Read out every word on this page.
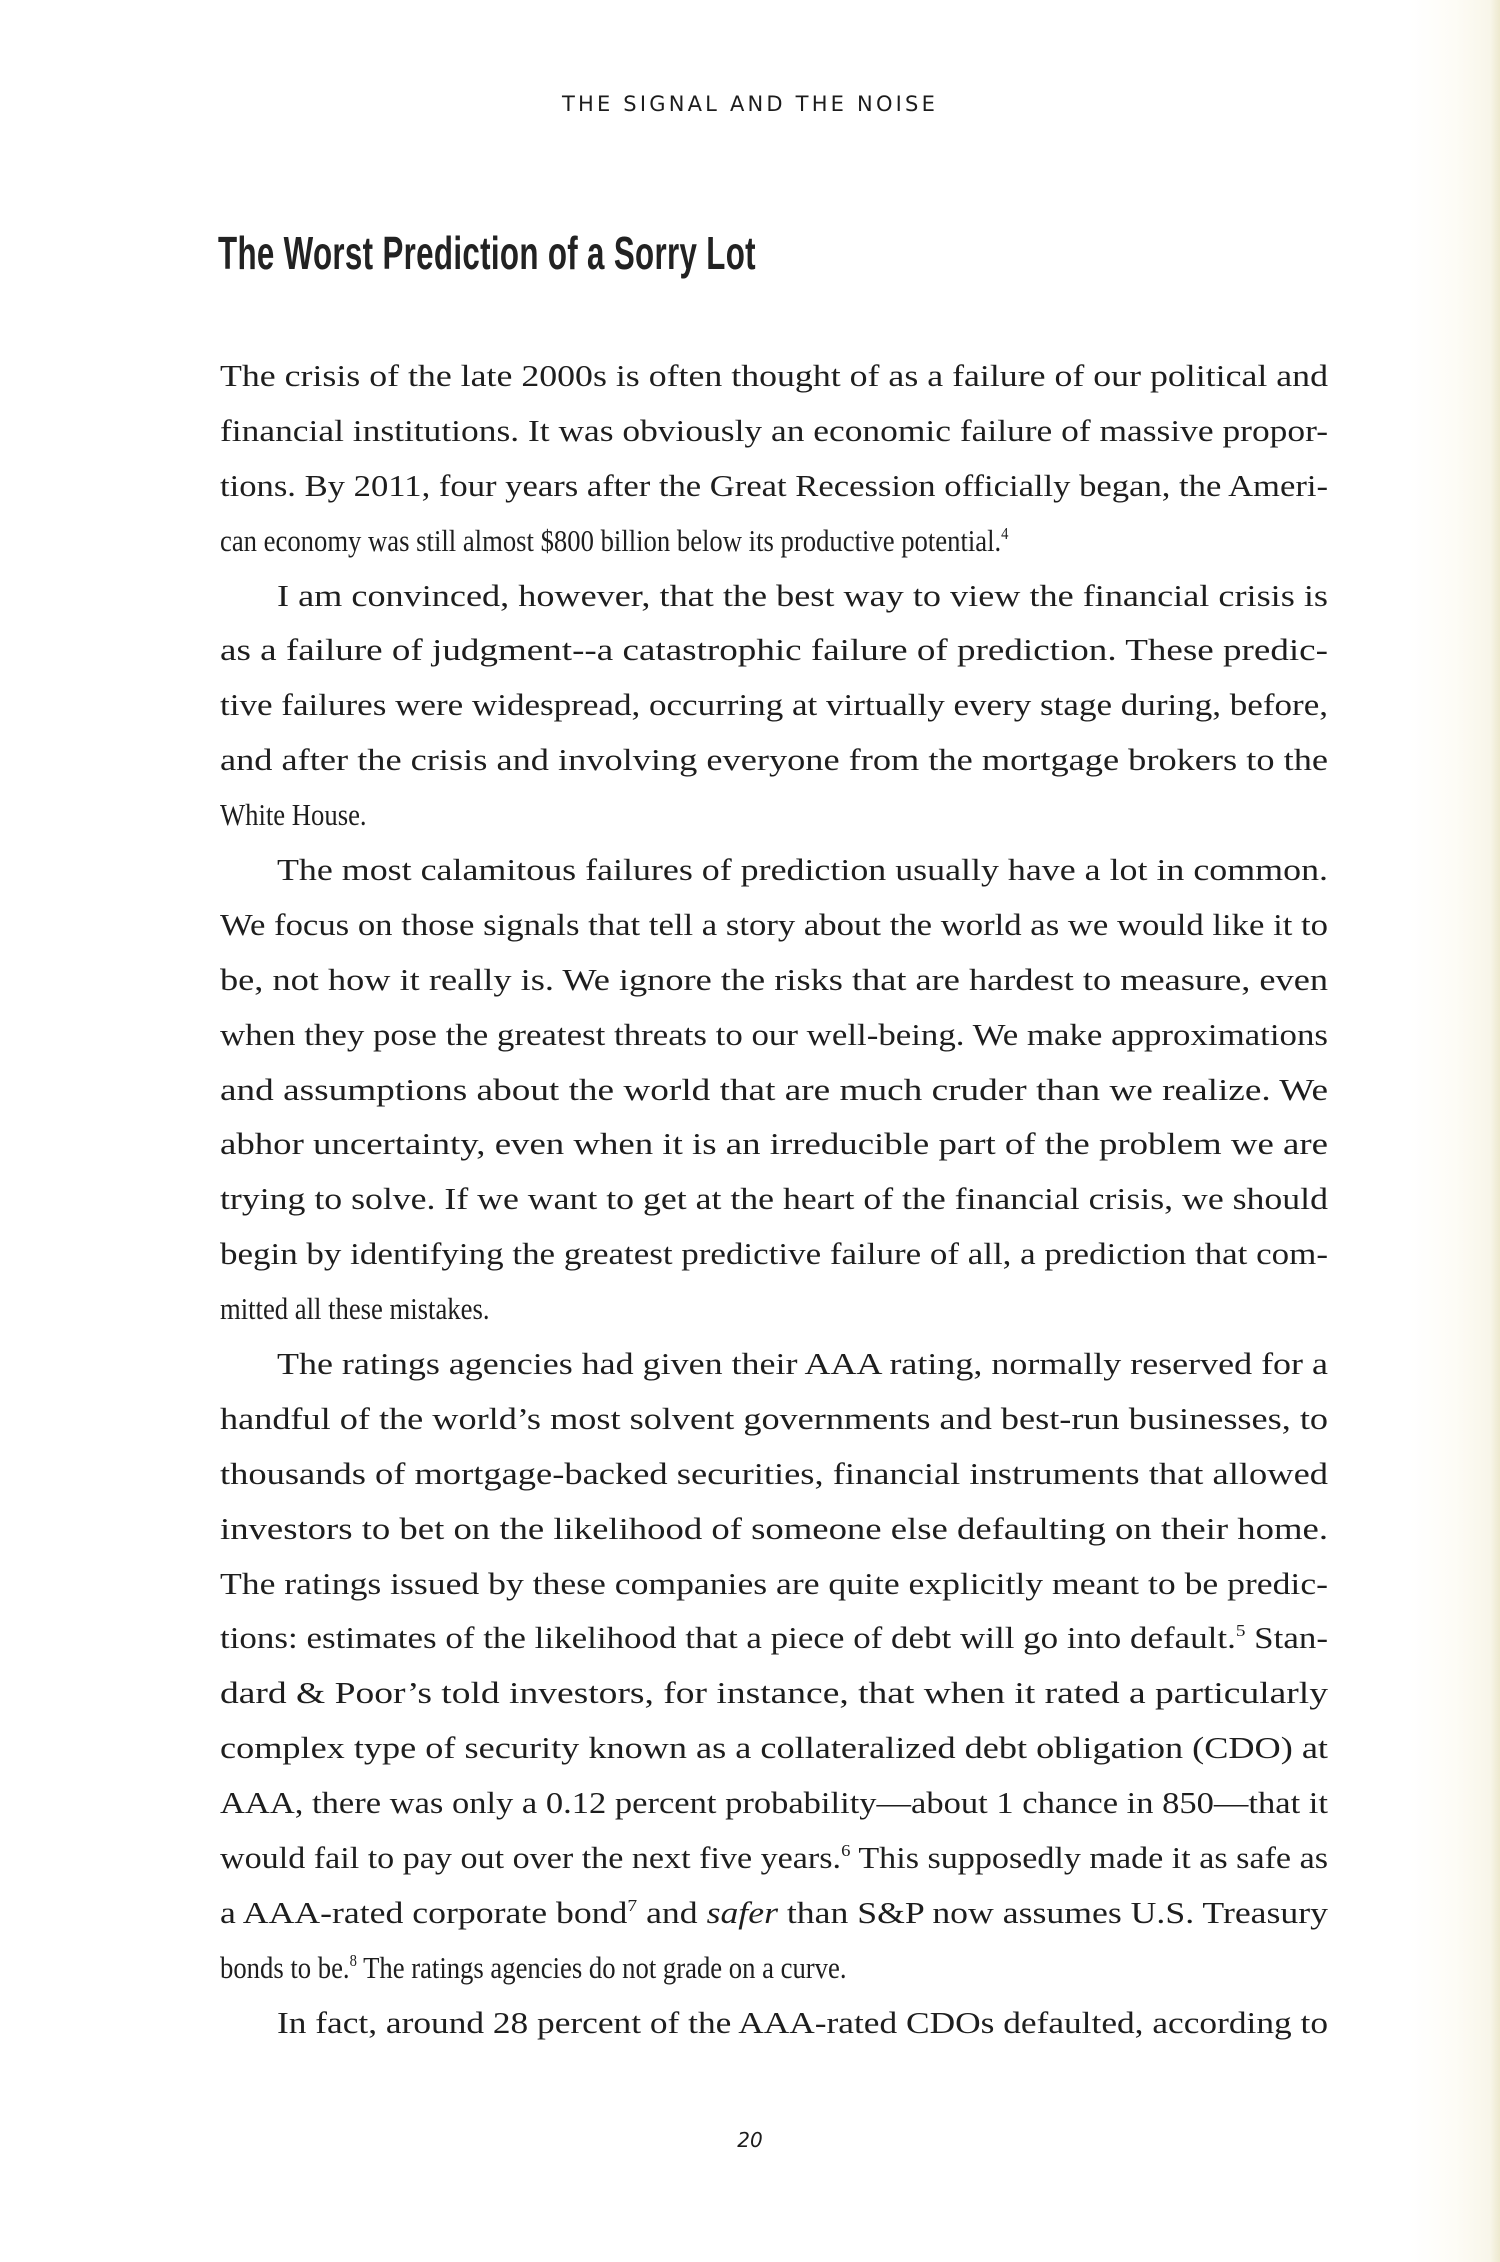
THE SIGNAL AND THE NOISE
The Worst Prediction of a Sorry Lot
The crisis of the late 2000s is often thought of as a failure of our political and
financial institutions. It was obviously an economic failure of massive propor-
tions. By 2011, four years after the Great Recession officially began, the Ameri-
can economy was still almost $800 billion below its productive potential.$^4$
I am convinced, however, that the best way to view the financial crisis is
as a failure of judgment--a catastrophic failure of prediction. These predic-
tive failures were widespread, occurring at virtually every stage during, before,
and after the crisis and involving everyone from the mortgage brokers to the
White House.
The most calamitous failures of prediction usually have a lot in common.
We focus on those signals that tell a story about the world as we would like it to
be, not how it really is. We ignore the risks that are hardest to measure, even
when they pose the greatest threats to our well-being. We make approximations
and assumptions about the world that are much cruder than we realize. We
abhor uncertainty, even when it is an irreducible part of the problem we are
trying to solve. If we want to get at the heart of the financial crisis, we should
begin by identifying the greatest predictive failure of all, a prediction that com-
mitted all these mistakes.
The ratings agencies had given their AAA rating, normally reserved for a
handful of the world’s most solvent governments and best-run businesses, to
thousands of mortgage-backed securities, financial instruments that allowed
investors to bet on the likelihood of someone else defaulting on their home.
The ratings issued by these companies are quite explicitly meant to be predic-
tions: estimates of the likelihood that a piece of debt will go into default.$^5$ Stan-
dard & Poor’s told investors, for instance, that when it rated a particularly
complex type of security known as a collateralized debt obligation (CDO) at
AAA, there was only a 0.12 percent probability—about 1 chance in 850—that it
would fail to pay out over the next five years.$^6$ This supposedly made it as safe as
a AAA-rated corporate bond$^7$ and safer than S&P now assumes U.S. Treasury
bonds to be.$^8$ The ratings agencies do not grade on a curve.
In fact, around 28 percent of the AAA-rated CDOs defaulted, according to
20
